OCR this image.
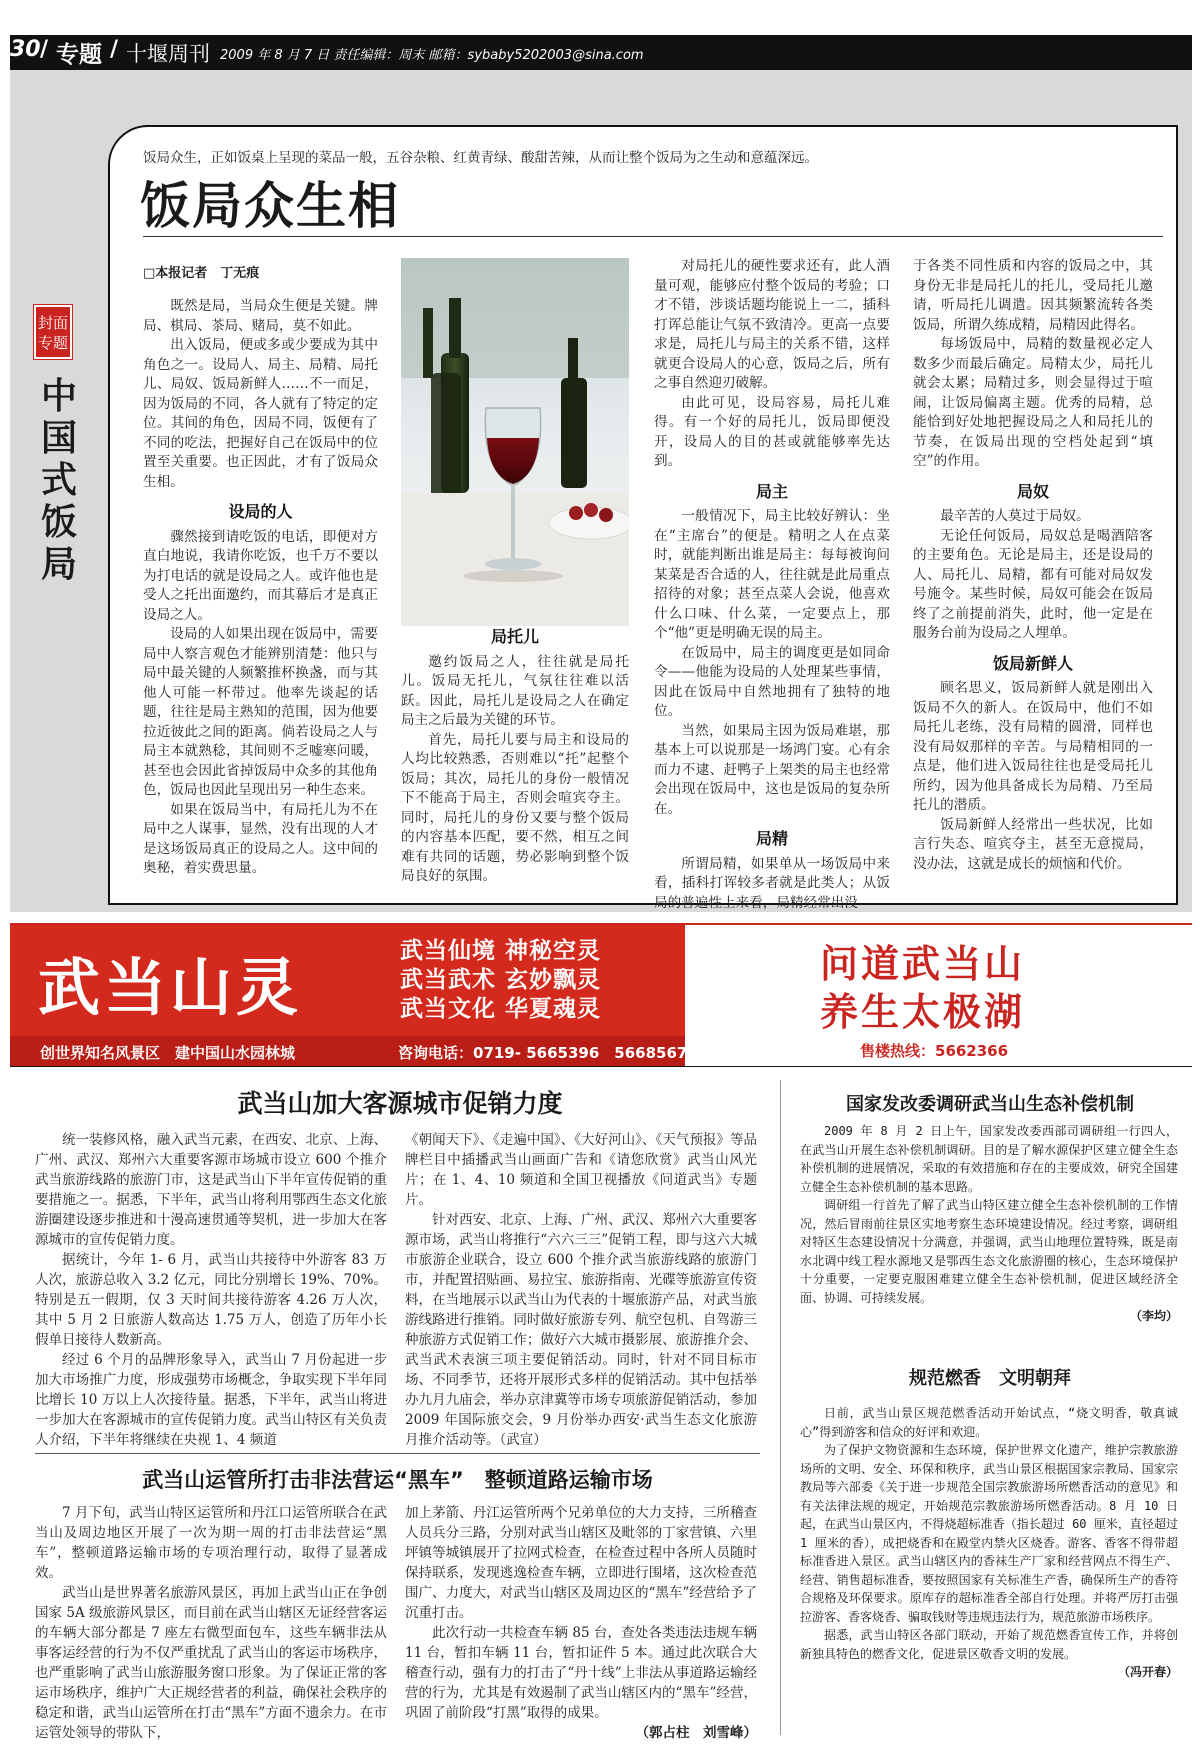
30 / 专题 / 十堰周刊 2009 年 8 月 7 日 责任编辑：周末 邮箱：sybaby5202003@sina.com
封面
专题
中国式饭局
饭局众生，正如饭桌上呈现的菜品一般，五谷杂粮、红黄青绿、酸甜苦辣，从而让整个饭局为之生动和意蕴深远。
饭局众生相
□本报记者　丁无痕

既然是局，当局众生便是关键。牌局、棋局、茶局、赌局，莫不如此。

出入饭局，便或多或少要成为其中角色之一。设局人、局主、局精、局托儿、局奴、饭局新鲜人……不一而足，因为饭局的不同，各人就有了特定的定位。其间的角色，因局不同，饭便有了不同的吃法，把握好自己在饭局中的位置至关重要。也正因此，才有了饭局众生相。

设局的人

骤然接到请吃饭的电话，即便对方直白地说，我请你吃饭，也千万不要以为打电话的就是设局之人。或许他也是受人之托出面邀约，而其幕后才是真正设局之人。

设局的人如果出现在饭局中，需要局中人察言观色才能辨别清楚：他只与局中最关键的人频繁推杯换盏，而与其他人可能一杯带过。他率先谈起的话题，往往是局主熟知的范围，因为他要拉近彼此之间的距离。倘若设局之人与局主本就熟稔，其间则不乏嘘寒问暖，甚至也会因此省掉饭局中众多的其他角色，饭局也因此呈现出另一种生态来。

如果在饭局当中，有局托儿为不在局中之人谋事，显然，没有出现的人才是这场饭局真正的设局之人。这中间的奥秘，着实费思量。

局托儿

邀约饭局之人，往往就是局托儿。饭局无托儿，气氛往往难以活跃。因此，局托儿是设局之人在确定局主之后最为关键的环节。

首先，局托儿要与局主和设局的人均比较熟悉，否则难以“托”起整个饭局；其次，局托儿的身份一般情况下不能高于局主，否则会喧宾夺主。同时，局托儿的身份又要与整个饭局的内容基本匹配，要不然，相互之间难有共同的话题，势必影响到整个饭局良好的氛围。

对局托儿的硬性要求还有，此人酒量可观，能够应付整个饭局的考验；口才不错，涉谈话题均能说上一二，插科打诨总能让气氛不致清冷。更高一点要求是，局托儿与局主的关系不错，这样就更合设局人的心意，饭局之后，所有之事自然迎刃破解。

由此可见，设局容易，局托儿难得。有一个好的局托儿，饭局即便没开，设局人的目的甚或就能够率先达到。

局主

一般情况下，局主比较好辨认：坐在“主席台”的便是。精明之人在点菜时，就能判断出谁是局主：每每被询问某菜是否合适的人，往往就是此局重点招待的对象；甚至点菜人会说，他喜欢什么口味、什么菜，一定要点上，那个“他”更是明确无误的局主。

在饭局中，局主的调度更是如同命令——他能为设局的人处理某些事情，因此在饭局中自然地拥有了独特的地位。

当然，如果局主因为饭局难堪，那基本上可以说那是一场鸿门宴。心有余而力不逮、赶鸭子上架类的局主也经常会出现在饭局中，这也是饭局的复杂所在。

局精

所谓局精，如果单从一场饭局中来看，插科打诨较多者就是此类人；从饭局的普遍性上来看，局精经常出没

于各类不同性质和内容的饭局之中，其身份无非是局托儿的托儿，受局托儿邀请，听局托儿调遣。因其频繁流转各类饭局，所谓久练成精，局精因此得名。

每场饭局中，局精的数量视必定人数多少而最后确定。局精太少，局托儿就会太累；局精过多，则会显得过于喧闹，让饭局偏离主题。优秀的局精，总能恰到好处地把握设局之人和局托儿的节奏，在饭局出现的空档处起到“填空”的作用。

局奴

最辛苦的人莫过于局奴。

无论任何饭局，局奴总是喝酒陪客的主要角色。无论是局主，还是设局的人、局托儿、局精，都有可能对局奴发号施令。某些时候，局奴可能会在饭局终了之前提前消失，此时，他一定是在服务台前为设局之人埋单。

饭局新鲜人

顾名思义，饭局新鲜人就是刚出入饭局不久的新人。在饭局中，他们不如局托儿老练，没有局精的圆滑，同样也没有局奴那样的辛苦。与局精相同的一点是，他们进入饭局往往也是受局托儿所约，因为他具备成长为局精、乃至局托儿的潜质。

饭局新鲜人经常出一些状况，比如言行失态、喧宾夺主，甚至无意搅局，没办法，这就是成长的烦恼和代价。

武当山灵
武当仙境 神秘空灵
武当武术 玄妙飘灵
武当文化 华夏魂灵
创世界知名风景区　建中国山水园林城	咨询电话：0719- 5665396　5668567
问道武当山
养生太极湖
售楼热线：5662366
武当山加大客源城市促销力度

统一装修风格，融入武当元素，在西安、北京、上海、广州、武汉、郑州六大重要客源市场城市设立 600 个推介武当旅游线路的旅游门市，这是武当山下半年宣传促销的重要措施之一。据悉，下半年，武当山将利用鄂西生态文化旅游圈建设逐步推进和十漫高速贯通等契机，进一步加大在客源城市的宣传促销力度。

据统计，今年 1- 6 月，武当山共接待中外游客 83 万人次，旅游总收入 3.2 亿元，同比分别增长 19%、70%。特别是五一假期，仅 3 天时间共接待游客 4.26 万人次，其中 5 月 2 日旅游人数高达 1.75 万人，创造了历年小长假单日接待人数新高。

经过 6 个月的品牌形象导入，武当山 7 月份起进一步加大市场推广力度，形成强势市场概念，争取实现下半年同比增长 10 万以上人次接待量。据悉，下半年，武当山将进一步加大在客源城市的宣传促销力度。武当山特区有关负责人介绍，下半年将继续在央视 1、4 频道

《朝闻天下》、《走遍中国》、《大好河山》、《天气预报》等品牌栏目中插播武当山画面广告和《请您欣赏》武当山风光片；在 1、4、10 频道和全国卫视播放《问道武当》专题片。

针对西安、北京、上海、广州、武汉、郑州六大重要客源市场，武当山将推行“六六三三”促销工程，即与这六大城市旅游企业联合，设立 600 个推介武当旅游线路的旅游门市，并配置招贴画、易拉宝、旅游指南、光碟等旅游宣传资料，在当地展示以武当山为代表的十堰旅游产品，对武当旅游线路进行推销。同时做好旅游专列、航空包机、自驾游三种旅游方式促销工作；做好六大城市摄影展、旅游推介会、武当武术表演三项主要促销活动。同时，针对不同目标市场、不同季节，还将开展形式多样的促销活动。其中包括举办九月九庙会，举办京津冀等市场专项旅游促销活动，参加 2009 年国际旅交会，9 月份举办西安·武当生态文化旅游月推介活动等。（武宣）

武当山运管所打击非法营运“黑车”　整顿道路运输市场

7 月下旬，武当山特区运管所和丹江口运管所联合在武当山及周边地区开展了一次为期一周的打击非法营运“黑车”，整顿道路运输市场的专项治理行动，取得了显著成效。

武当山是世界著名旅游风景区，再加上武当山正在争创国家 5A 级旅游风景区，而目前在武当山辖区无证经营客运的车辆大部分都是 7 座左右微型面包车，这些车辆非法从事客运经营的行为不仅严重扰乱了武当山的客运市场秩序，也严重影响了武当山旅游服务窗口形象。为了保证正常的客运市场秩序，维护广大正规经营者的利益，确保社会秩序的稳定和谐，武当山运管所在打击“黑车”方面不遗余力。在市运管处领导的带队下，

加上茅箭、丹江运管所两个兄弟单位的大力支持，三所稽查人员兵分三路，分别对武当山辖区及毗邻的丁家营镇、六里坪镇等城镇展开了拉网式检查，在检查过程中各所人员随时保持联系，发现逃逸检查车辆，立即进行围堵，这次检查范围广、力度大，对武当山辖区及周边区的“黑车”经营给予了沉重打击。

此次行动一共检查车辆 85 台，查处各类违法违规车辆 11 台，暂扣车辆 11 台，暂扣证件 5 本。通过此次联合大稽查行动，强有力的打击了“丹十线”上非法从事道路运输经营的行为，尤其是有效遏制了武当山辖区内的“黑车”经营，巩固了前阶段“打黑”取得的成果。

（郭占柱　刘雪峰）

国家发改委调研武当山生态补偿机制

2009 年 8 月 2 日上午，国家发改委西部司调研组一行四人，在武当山开展生态补偿机制调研。目的是了解水源保护区建立健全生态补偿机制的进展情况，采取的有效措施和存在的主要成效，研究全国建立健全生态补偿机制的基本思路。

调研组一行首先了解了武当山特区建立健全生态补偿机制的工作情况，然后冒雨前往景区实地考察生态环境建设情况。经过考察，调研组对特区生态建设情况十分满意，并强调，武当山地理位置特殊，既是南水北调中线工程水源地又是鄂西生态文化旅游圈的核心，生态环境保护十分重要，一定要克服困难建立健全生态补偿机制，促进区域经济全面、协调、可持续发展。

（李均）

规范燃香　文明朝拜

日前，武当山景区规范燃香活动开始试点，“烧文明香，敬真诚心”得到游客和信众的好评和欢迎。

为了保护文物资源和生态环境，保护世界文化遗产，维护宗教旅游场所的文明、安全、环保和秩序，武当山景区根据国家宗教局、国家宗教局等六部委《关于进一步规范全国宗教旅游场所燃香活动的意见》和有关法律法规的规定，开始规范宗教旅游场所燃香活动。8 月 10 日起，在武当山景区内，不得烧超标准香（指长超过 60 厘米，直径超过 1 厘米的香），成把烧香和在殿堂内禁火区烧香。游客、香客不得带超标准香进入景区。武当山辖区内的香袜生产厂家和经营网点不得生产、经营、销售超标准香，要按照国家有关标准生产香，确保所生产的香符合规格及环保要求。原库存的超标准香全部自行处理。并将严厉打击强拉游客、香客烧香、骗取钱财等违规违法行为，规范旅游市场秩序。

据悉，武当山特区各部门联动，开始了规范燃香宣传工作，并将创新独具特色的燃香文化，促进景区敬香文明的发展。

（冯开春）
